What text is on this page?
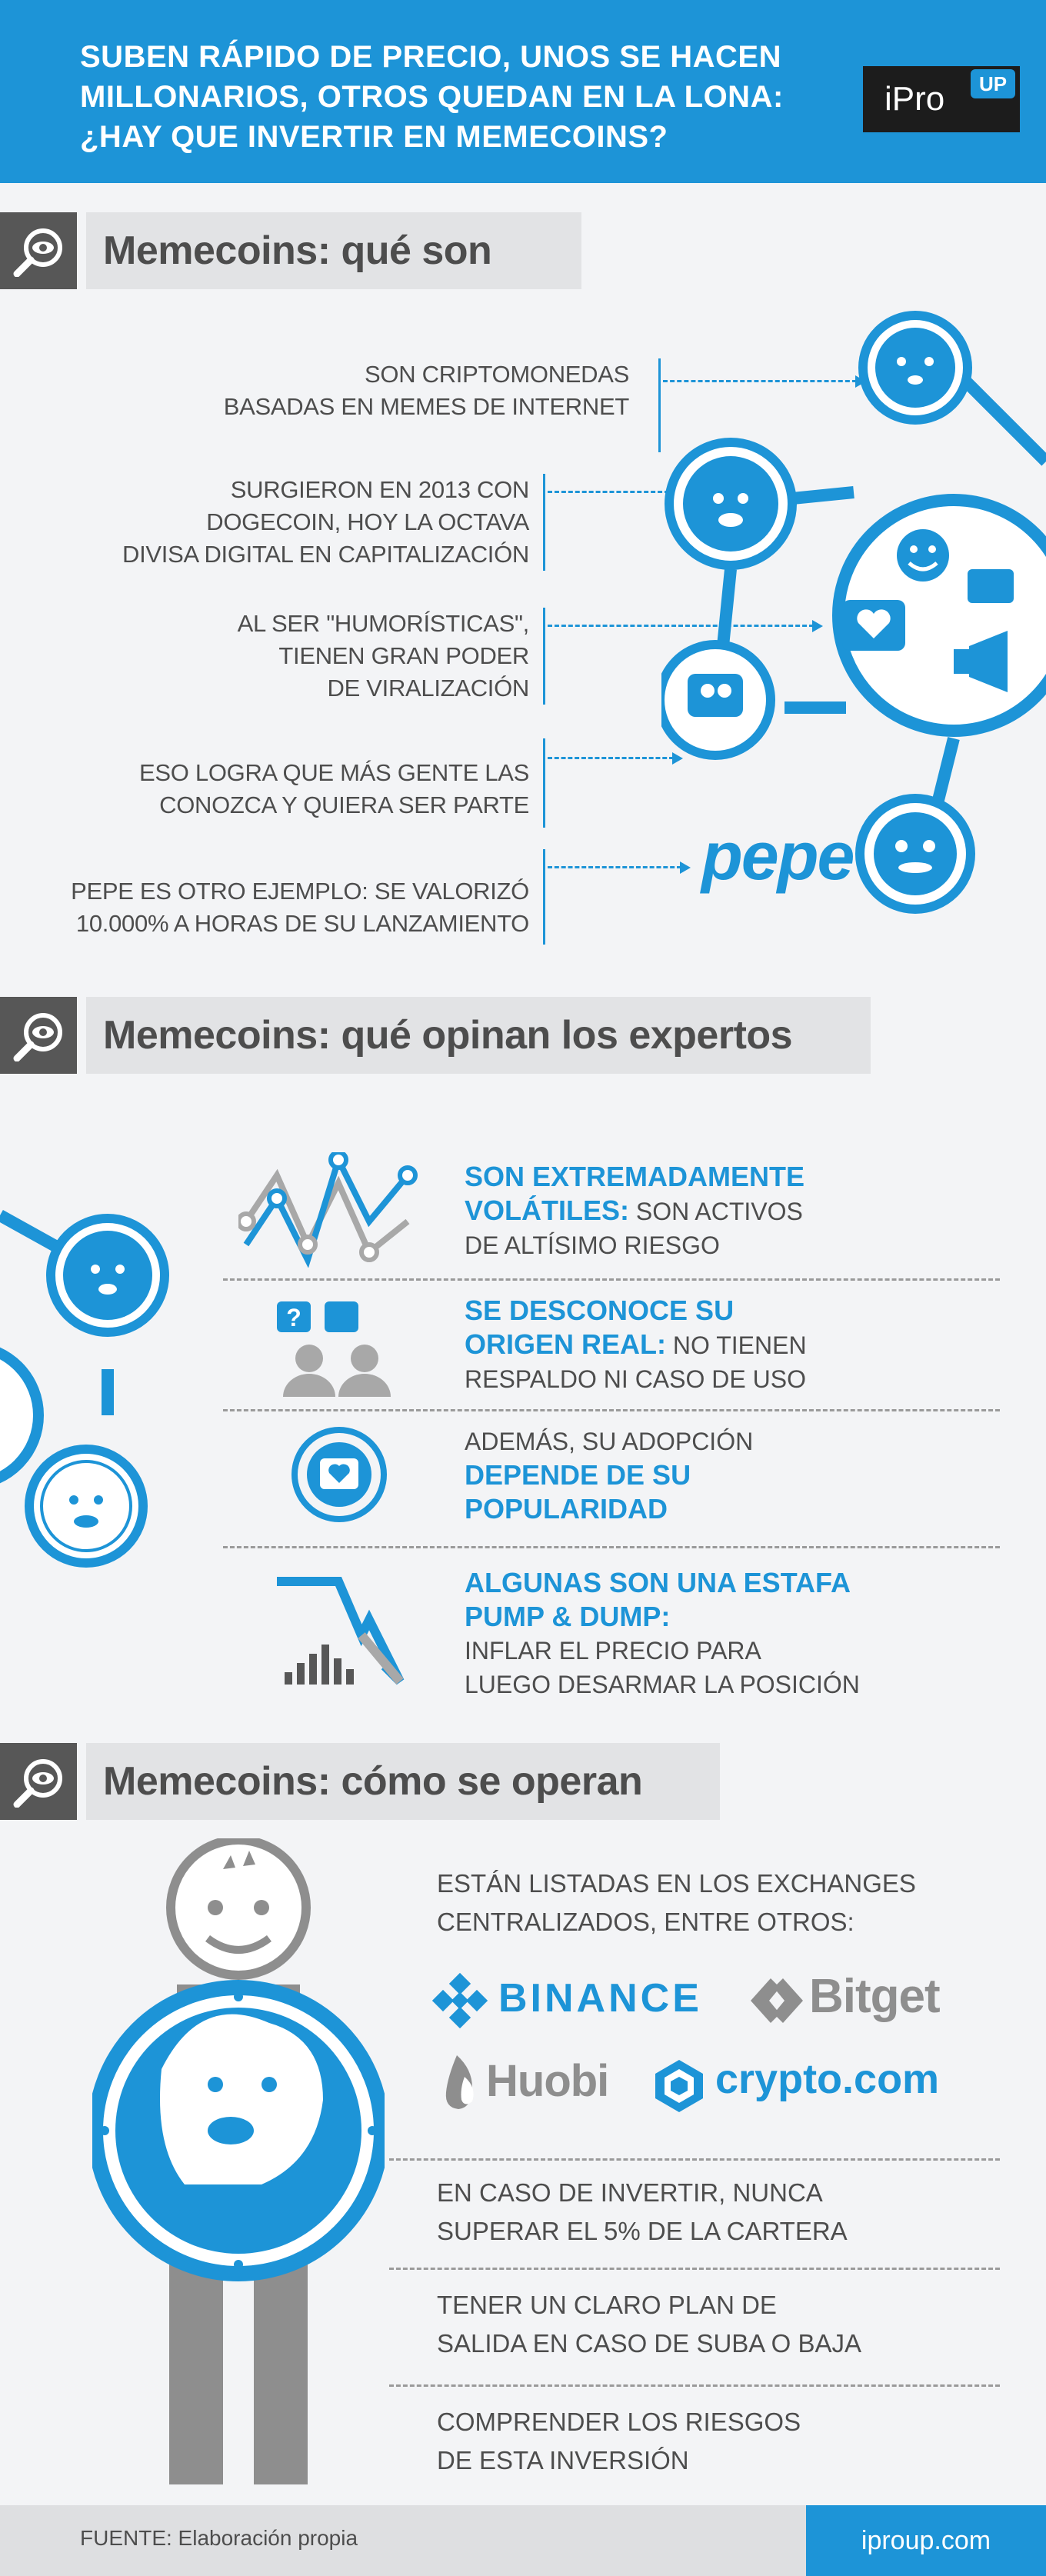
SUBEN RÁPIDO DE PRECIO, UNOS SE HACEN
MILLONARIOS, OTROS QUEDAN EN LA LONA:
¿HAY QUE INVERTIR EN MEMECOINS?
iPro	UP
Memecoins: qué son
SON CRIPTOMONEDAS
BASADAS EN MEMES DE INTERNET
SURGIERON EN 2013 CON
DOGECOIN, HOY LA OCTAVA
DIVISA DIGITAL EN CAPITALIZACIÓN
AL SER "HUMORÍSTICAS",
TIENEN GRAN PODER
DE VIRALIZACIÓN
ESO LOGRA QUE MÁS GENTE LAS
CONOZCA Y QUIERA SER PARTE
PEPE ES OTRO EJEMPLO: SE VALORIZÓ
10.000% A HORAS DE SU LANZAMIENTO
pepe
Memecoins: qué opinan los expertos
?
SON EXTREMADAMENTE
VOLÁTILES: SON ACTIVOS
DE ALTÍSIMO RIESGO
SE DESCONOCE SU
ORIGEN REAL: NO TIENEN
RESPALDO NI CASO DE USO
ADEMÁS, SU ADOPCIÓN
DEPENDE DE SU
POPULARIDAD
ALGUNAS SON UNA ESTAFA
PUMP & DUMP:
INFLAR EL PRECIO PARA
LUEGO DESARMAR LA POSICIÓN
Memecoins: cómo se operan
ESTÁN LISTADAS EN LOS EXCHANGES
CENTRALIZADOS, ENTRE OTROS:
BINANCE Bitget
Huobi	crypto.com
EN CASO DE INVERTIR, NUNCA
SUPERAR EL 5% DE LA CARTERA
TENER UN CLARO PLAN DE
SALIDA EN CASO DE SUBA O BAJA
COMPRENDER LOS RIESGOS
DE ESTA INVERSIÓN
FUENTE: Elaboración propia	iproup.com
